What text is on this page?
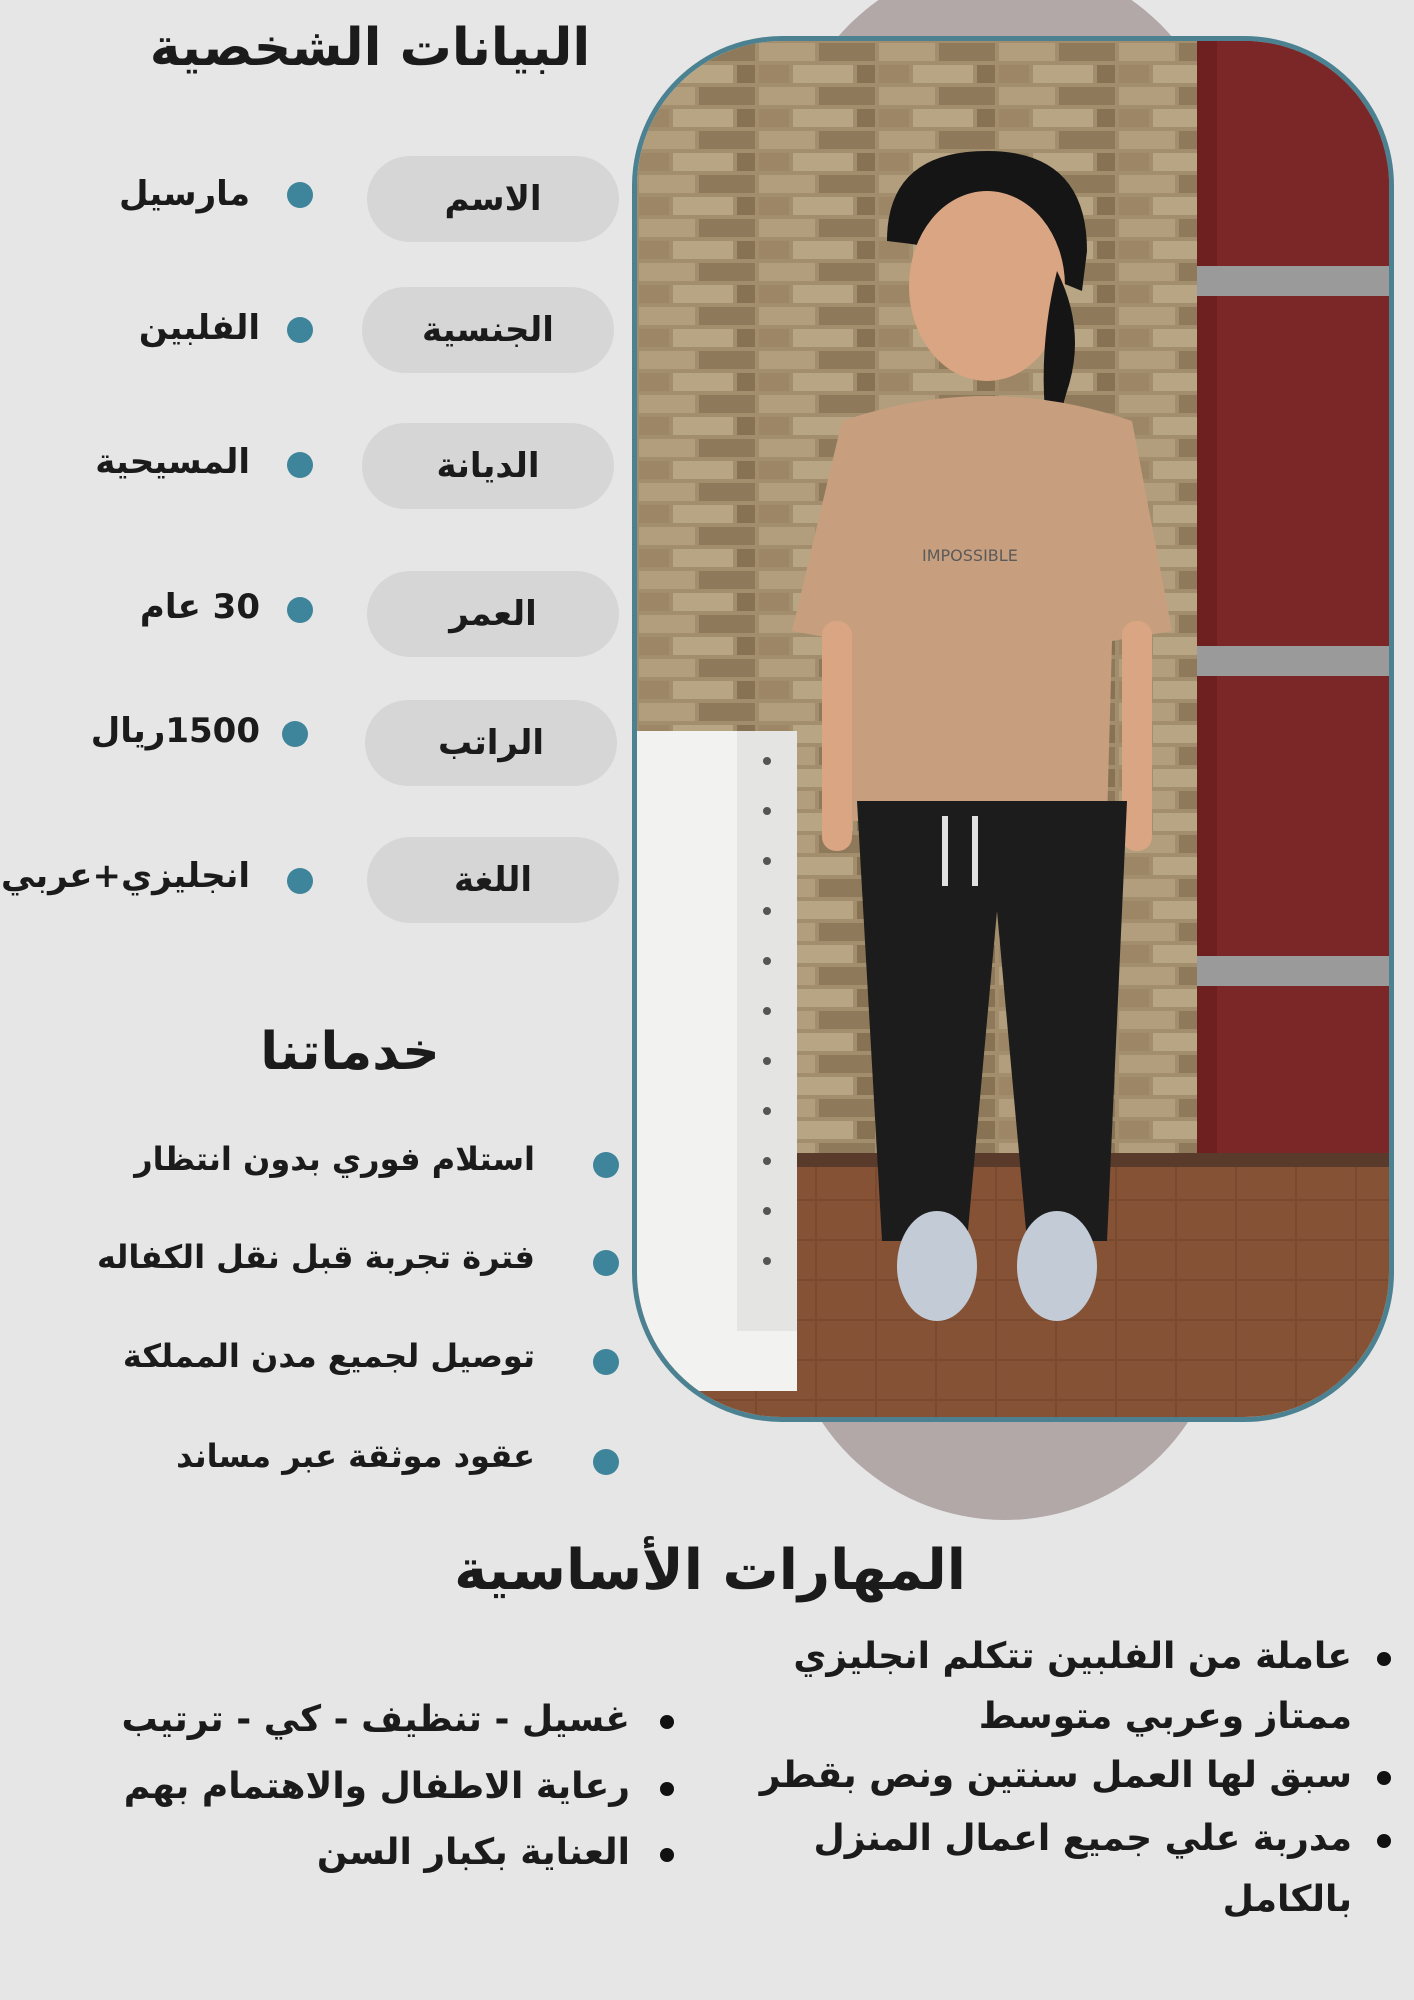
IMPOSSIBLE
البيانات الشخصية
الاسم
مارسيل
الجنسية
الفلبين
الديانة
المسيحية
العمر
30 عام
الراتب
1500ريال
اللغة
انجليزي+عربي
خدماتنا
استلام فوري بدون انتظار
فترة تجربة قبل نقل الكفاله
توصيل لجميع مدن المملكة
عقود موثقة عبر مساند
المهارات الأساسية
عاملة من الفلبين تتكلم انجليزي
ممتاز وعربي متوسط
سبق لها العمل سنتين ونص بقطر
مدربة علي جميع اعمال المنزل
بالكامل
غسيل - تنظيف - كي - ترتيب
رعاية الاطفال والاهتمام بهم
العناية بكبار السن
